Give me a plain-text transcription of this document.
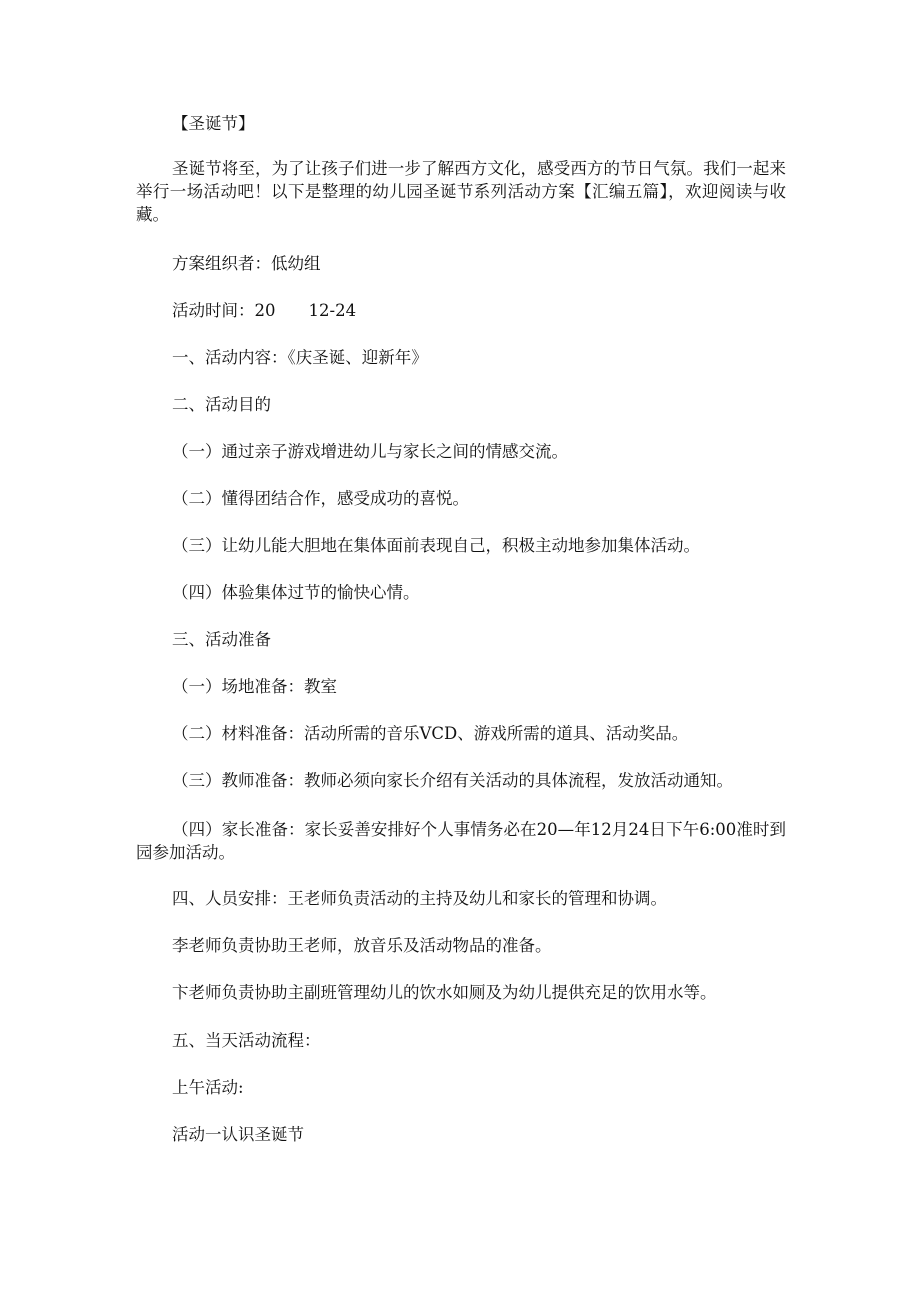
【圣诞节】
圣诞节将至，为了让孩子们进一步了解西方文化，感受西方的节日气氛。我们一起来举行一场活动吧！以下是整理的幼儿园圣诞节系列活动方案【汇编五篇】，欢迎阅读与收藏。
方案组织者：低幼组
活动时间：20　　12-24
一、活动内容：《庆圣诞、迎新年》
二、活动目的
（一）通过亲子游戏增进幼儿与家长之间的情感交流。
（二）懂得团结合作，感受成功的喜悦。
（三）让幼儿能大胆地在集体面前表现自己，积极主动地参加集体活动。
（四）体验集体过节的愉快心情。
三、活动准备
（一）场地准备：教室
（二）材料准备：活动所需的音乐VCD、游戏所需的道具、活动奖品。
（三）教师准备：教师必须向家长介绍有关活动的具体流程，发放活动通知。
（四）家长准备：家长妥善安排好个人事情务必在20—年12月24日下午6:00准时到园参加活动。
四、人员安排：王老师负责活动的主持及幼儿和家长的管理和协调。
李老师负责协助王老师，放音乐及活动物品的准备。
卞老师负责协助主副班管理幼儿的饮水如厕及为幼儿提供充足的饮用水等。
五、当天活动流程：
上午活动:
活动一认识圣诞节
